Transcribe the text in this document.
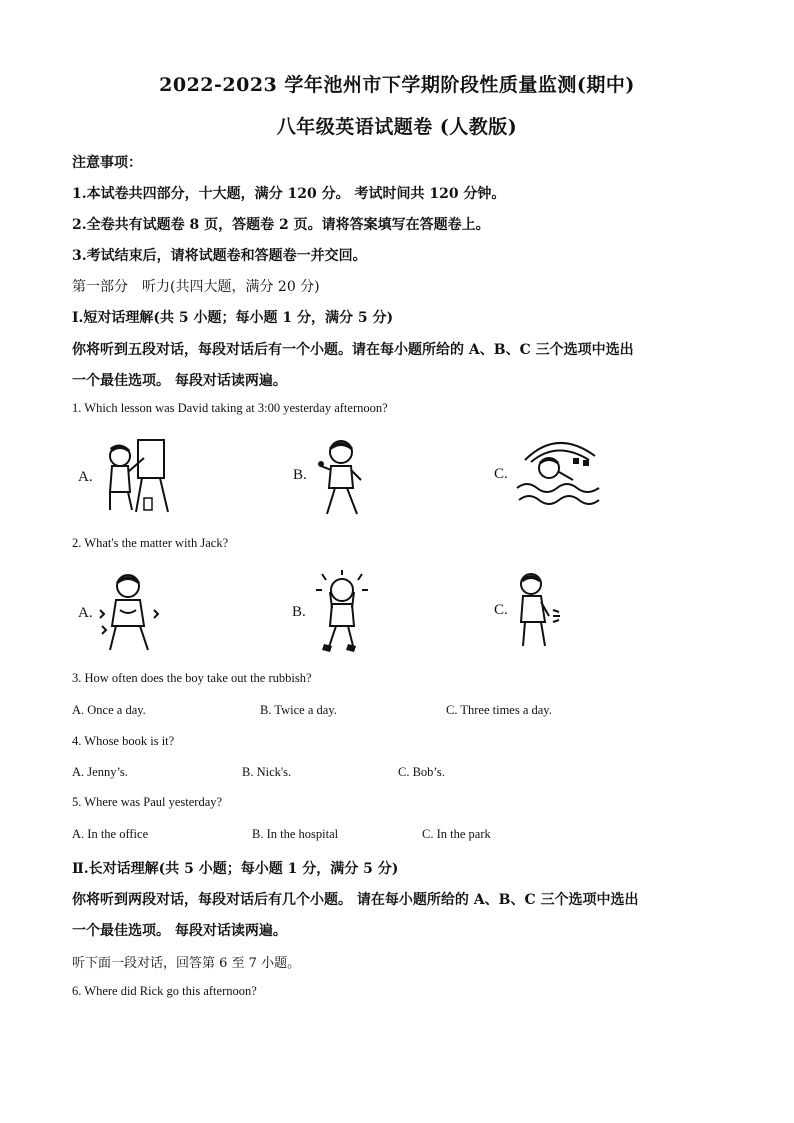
2022-2023 学年池州市下学期阶段性质量监测(期中)
八年级英语试题卷 (人教版)
注意事项：
1.本试卷共四部分，十大题，满分 120 分。 考试时间共 120 分钟。
2.全卷共有试题卷 8 页，答题卷 2 页。请将答案填写在答题卷上。
3.考试结束后，请将试题卷和答题卷一并交回。
第一部分　听力(共四大题，满分 20 分)
Ⅰ.短对话理解(共 5 小题；每小题 1 分，满分 5 分)
你将听到五段对话，每段对话后有一个小题。请在每小题所给的 A、B、C 三个选项中选出
一个最佳选项。 每段对话读两遍。
1. Which lesson was David taking at 3:00 yesterday afternoon?
A.	B.	C.
2. What's the matter with Jack?
A.	B.	C.
3. How often does the boy take out the rubbish?
A. Once a day.	B. Twice a day.	C. Three times a day.
4. Whose book is it?
A. Jenny’s.	B. Nick's.	C. Bob’s.
5. Where was Paul yesterday?
A. In the office	B. In the hospital	C. In the park
Ⅱ.长对话理解(共 5 小题；每小题 1 分，满分 5 分)
你将听到两段对话，每段对话后有几个小题。 请在每小题所给的 A、B、C 三个选项中选出
一个最佳选项。 每段对话读两遍。
听下面一段对话，回答第 6 至 7 小题。
6. Where did Rick go this afternoon?
